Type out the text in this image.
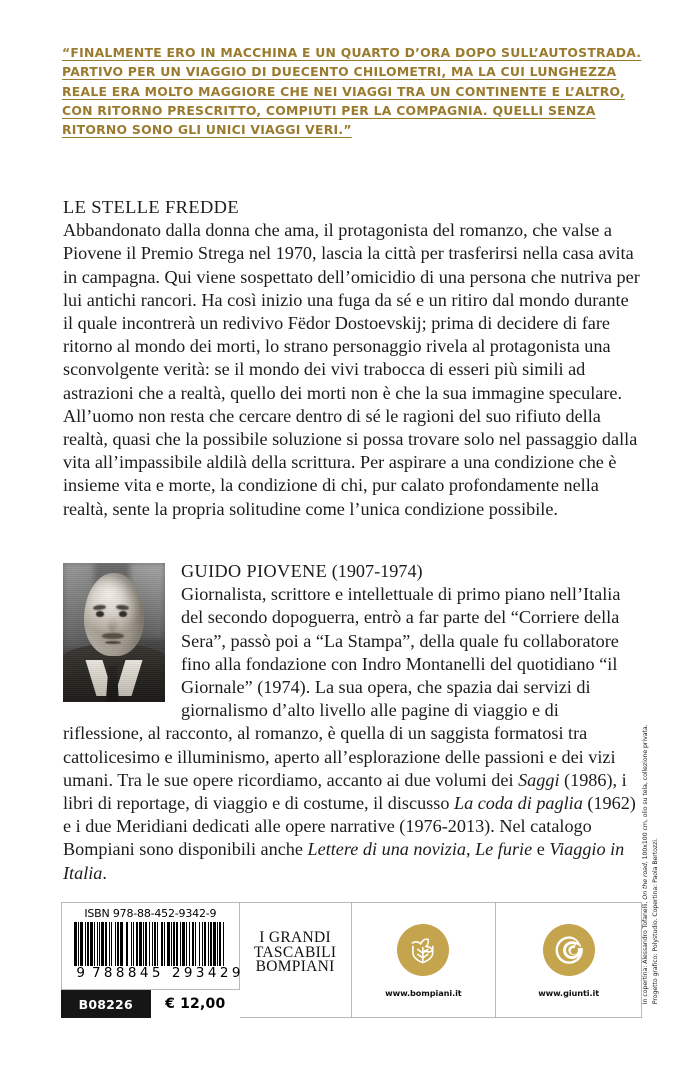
“FINALMENTE ERO IN MACCHINA E UN QUARTO D’ORA DOPO SULL’AUTOSTRADA. PARTIVO PER UN VIAGGIO DI DUECENTO CHILOMETRI, MA LA CUI LUNGHEZZA REALE ERA MOLTO MAGGIORE CHE NEI VIAGGI TRA UN CONTINENTE E L’ALTRO, CON RITORNO PRESCRITTO, COMPIUTI PER LA COMPAGNIA. QUELLI SENZA RITORNO SONO GLI UNICI VIAGGI VERI.”
LE STELLE FREDDE
Abbandonato dalla donna che ama, il protagonista del romanzo, che valse a Piovene il Premio Strega nel 1970, lascia la città per trasferirsi nella casa avita in campagna. Qui viene sospettato dell’omicidio di una persona che nutriva per lui antichi rancori. Ha così inizio una fuga da sé e un ritiro dal mondo durante il quale incontrerà un redivivo Fëdor Dostoevskij; prima di decidere di fare ritorno al mondo dei morti, lo strano personaggio rivela al protagonista una sconvolgente verità: se il mondo dei vivi trabocca di esseri più simili ad astrazioni che a realtà, quello dei morti non è che la sua immagine speculare. All’uomo non resta che cercare dentro di sé le ragioni del suo rifiuto della realtà, quasi che la possibile soluzione si possa trovare solo nel passaggio dalla vita all’impassibile aldilà della scrittura. Per aspirare a una condizione che è insieme vita e morte, la condizione di chi, pur calato profondamente nella realtà, sente la propria solitudine come l’unica condizione possibile.
GUIDO PIOVENE (1907-1974)
Giornalista, scrittore e intellettuale di primo piano nell’Italia del secondo dopoguerra, entrò a far parte del “Corriere della Sera”, passò poi a “La Stampa”, della quale fu collaboratore fino alla fondazione con Indro Montanelli del quotidiano “il Giornale” (1974). La sua opera, che spazia dai servizi di giornalismo d’alto livello alle pagine di viaggio e di riflessione, al racconto, al romanzo, è quella di un saggista formatosi tra cattolicesimo e illuminismo, aperto all’esplorazione delle passioni e dei vizi umani. Tra le sue opere ricordiamo, accanto ai due volumi dei Saggi (1986), i libri di reportage, di viaggio e di costume, il discusso La coda di paglia (1962) e i due Meridiani dedicati alle opere narrative (1976-2013). Nel catalogo Bompiani sono disponibili anche Lettere di una novizia, Le furie e Viaggio in Italia.
In copertina: Alessandro Tofanelli, On the road, 100x100 cm, olio su tela, collezione privata.
Progetto grafico: Polystudio. Copertina: Paola Bertozzi.
ISBN 978-88-452-9342-9
9 788845 293429
B08226	€ 12,00
I GRANDI
TASCABILI
BOMPIANI
www.bompiani.it	www.giunti.it
